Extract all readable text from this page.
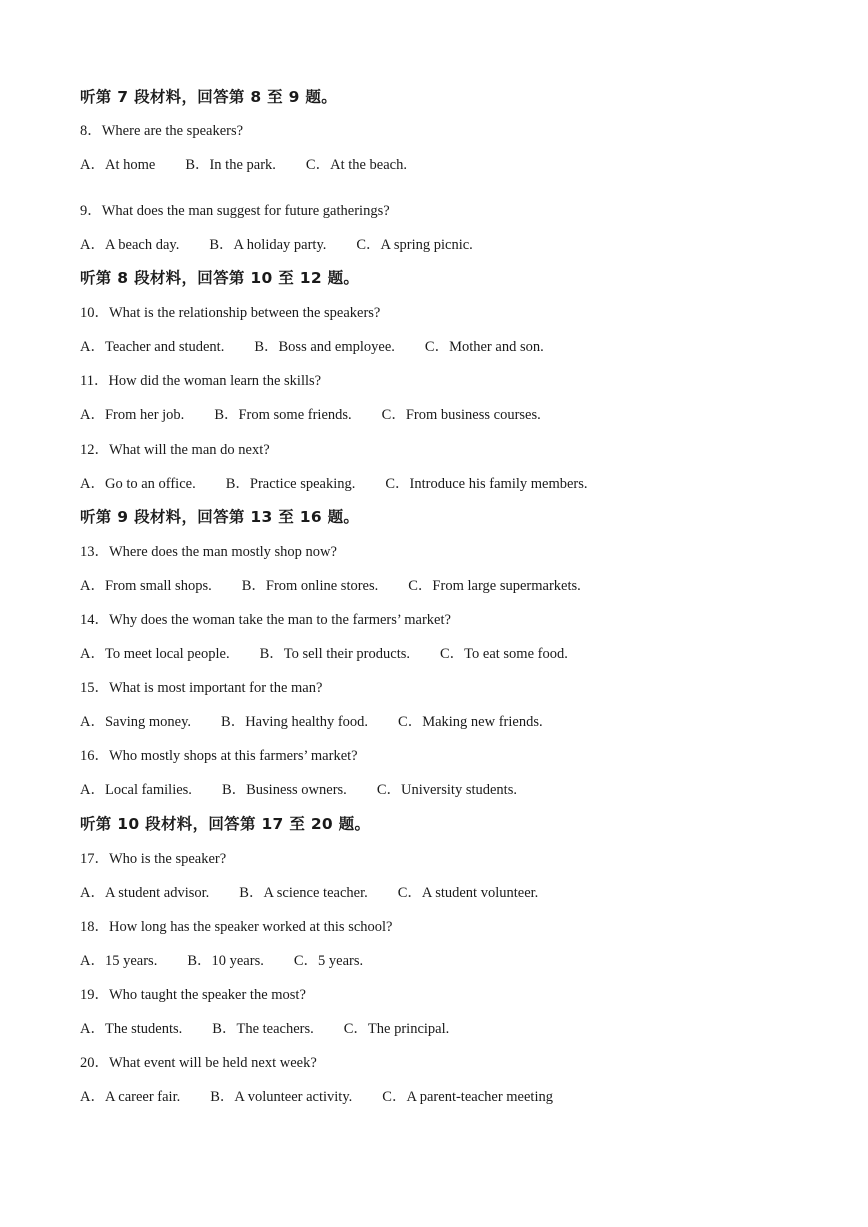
听第 7 段材料，回答第 8 至 9 题。
8．Where are the speakers?
A．At home B．In the park. C．At the beach.
9．What does the man suggest for future gatherings?
A．A beach day. B．A holiday party. C．A spring picnic.
听第 8 段材料，回答第 10 至 12 题。
10．What is the relationship between the speakers?
A．Teacher and student. B．Boss and employee. C．Mother and son.
11．How did the woman learn the skills?
A．From her job. B．From some friends. C．From business courses.
12．What will the man do next?
A．Go to an office. B．Practice speaking. C．Introduce his family members.
听第 9 段材料，回答第 13 至 16 题。
13．Where does the man mostly shop now?
A．From small shops. B．From online stores. C．From large supermarkets.
14．Why does the woman take the man to the farmers’ market?
A．To meet local people. B．To sell their products. C．To eat some food.
15．What is most important for the man?
A．Saving money. B．Having healthy food. C．Making new friends.
16．Who mostly shops at this farmers’ market?
A．Local families. B．Business owners. C．University students.
听第 10 段材料，回答第 17 至 20 题。
17．Who is the speaker?
A．A student advisor. B．A science teacher. C．A student volunteer.
18．How long has the speaker worked at this school?
A．15 years. B．10 years. C．5 years.
19．Who taught the speaker the most?
A．The students. B．The teachers. C．The principal.
20．What event will be held next week?
A．A career fair. B．A volunteer activity. C．A parent-teacher meeting
